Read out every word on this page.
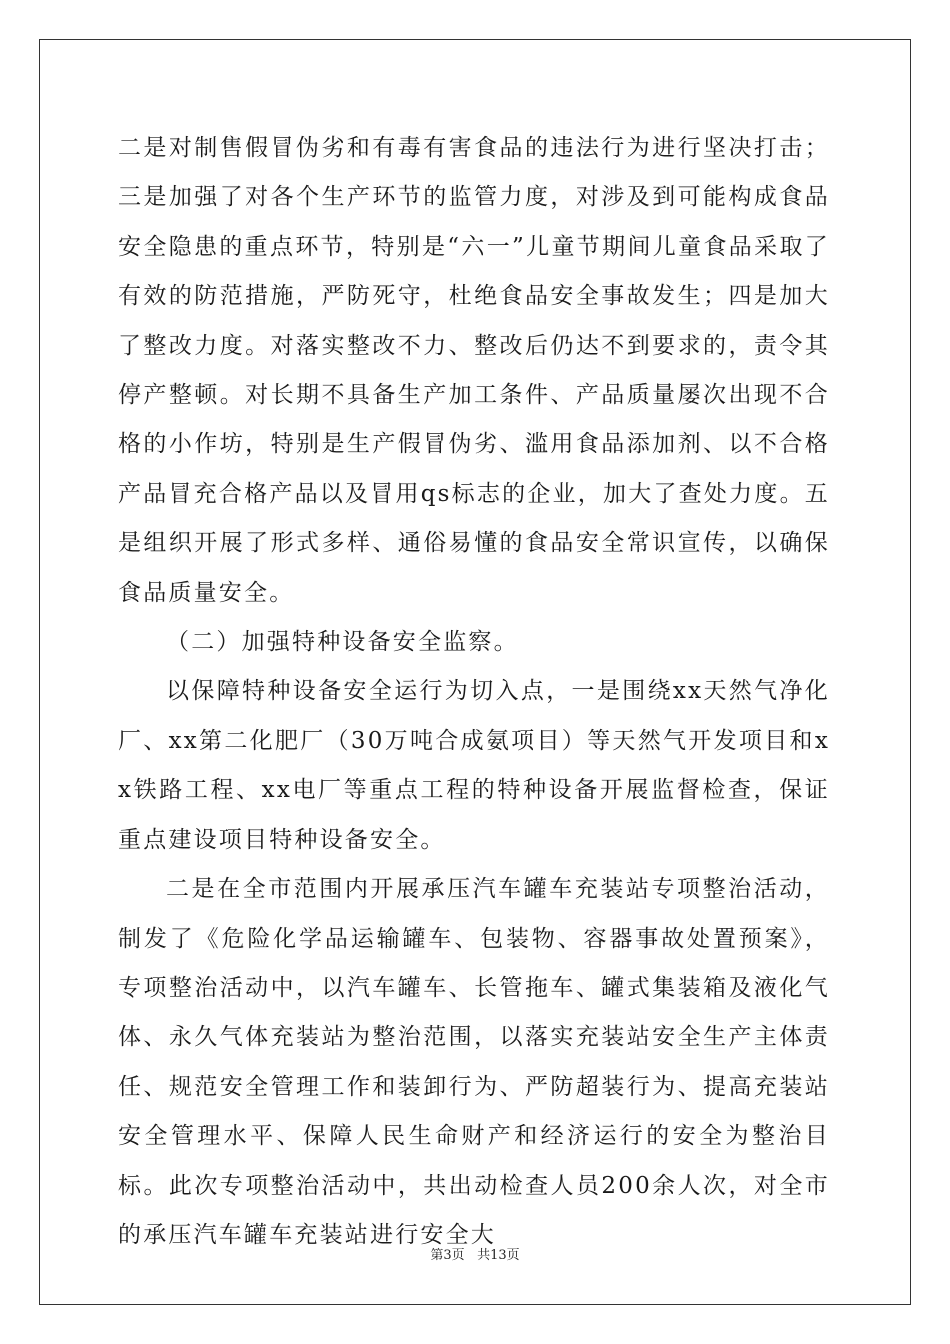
二是对制售假冒伪劣和有毒有害食品的违法行为进行坚决打击；三是加强了对各个生产环节的监管力度，对涉及到可能构成食品安全隐患的重点环节，特别是“六一”儿童节期间儿童食品采取了有效的防范措施，严防死守，杜绝食品安全事故发生；四是加大了整改力度。对落实整改不力、整改后仍达不到要求的，责令其停产整顿。对长期不具备生产加工条件、产品质量屡次出现不合格的小作坊，特别是生产假冒伪劣、滥用食品添加剂、以不合格产品冒充合格产品以及冒用qs标志的企业，加大了查处力度。五是组织开展了形式多样、通俗易懂的食品安全常识宣传，以确保食品质量安全。

（二）加强特种设备安全监察。

以保障特种设备安全运行为切入点，一是围绕xx天然气净化厂、xx第二化肥厂（30万吨合成氨项目）等天然气开发项目和xx铁路工程、xx电厂等重点工程的特种设备开展监督检查，保证重点建设项目特种设备安全。

二是在全市范围内开展承压汽车罐车充装站专项整治活动，制发了《危险化学品运输罐车、包装物、容器事故处置预案》，专项整治活动中，以汽车罐车、长管拖车、罐式集装箱及液化气体、永久气体充装站为整治范围，以落实充装站安全生产主体责任、规范安全管理工作和装卸行为、严防超装行为、提高充装站安全管理水平、保障人民生命财产和经济运行的安全为整治目标。此次专项整治活动中，共出动检查人员200余人次，对全市的承压汽车罐车充装站进行安全大

第3页 共13页
